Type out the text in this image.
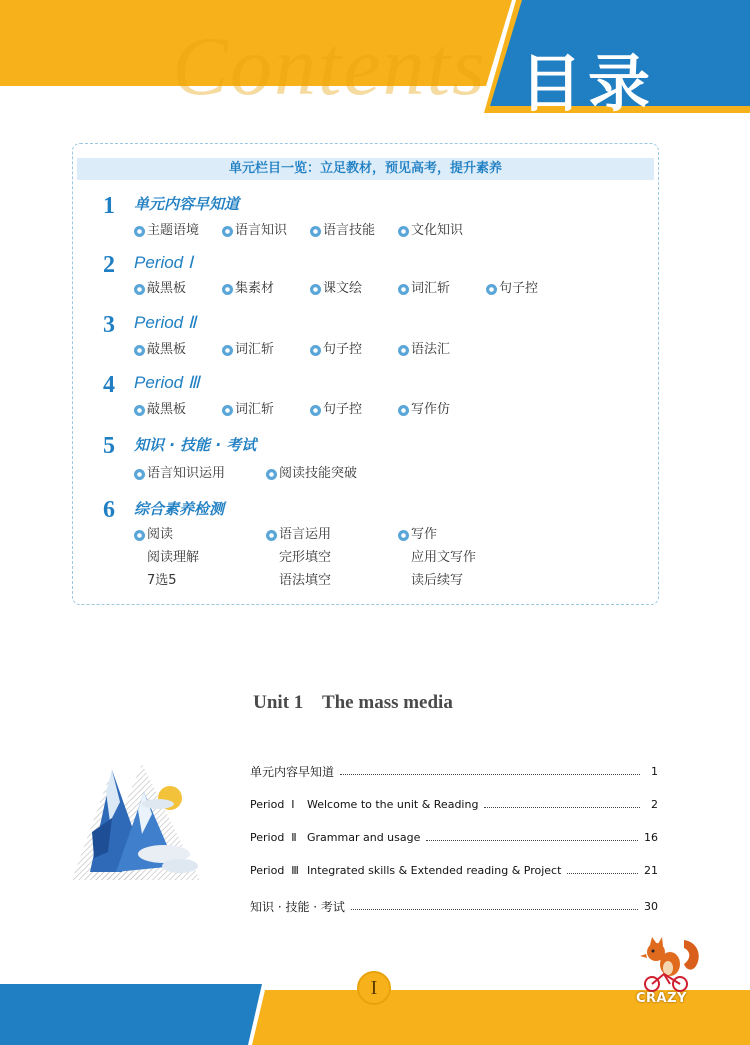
Contents 目录
单元栏目一览：立足教材，预见高考，提升素养
1 单元内容早知道
主题语境	语言知识	语言技能	文化知识
2 Period Ⅰ
敲黑板	集素材	课文绘	词汇斩	句子控
3 Period Ⅱ
敲黑板	词汇斩	句子控	语法汇
4 Period Ⅲ
敲黑板	词汇斩	句子控	写作仿
5 知识 · 技能 · 考试
语言知识运用	阅读技能突破
6 综合素养检测
阅读	语言运用	写作
阅读理解	完形填空	应用文写作
7选5	语法填空	读后续写
Unit 1    The mass media
单元内容早知道	1
Period  Ⅰ	Welcome to the unit & Reading	2
Period  Ⅱ Grammar and usage	16
Period  Ⅲ Integrated skills & Extended reading & Project	21
知识 · 技能 · 考试	30
I	CRAZY
